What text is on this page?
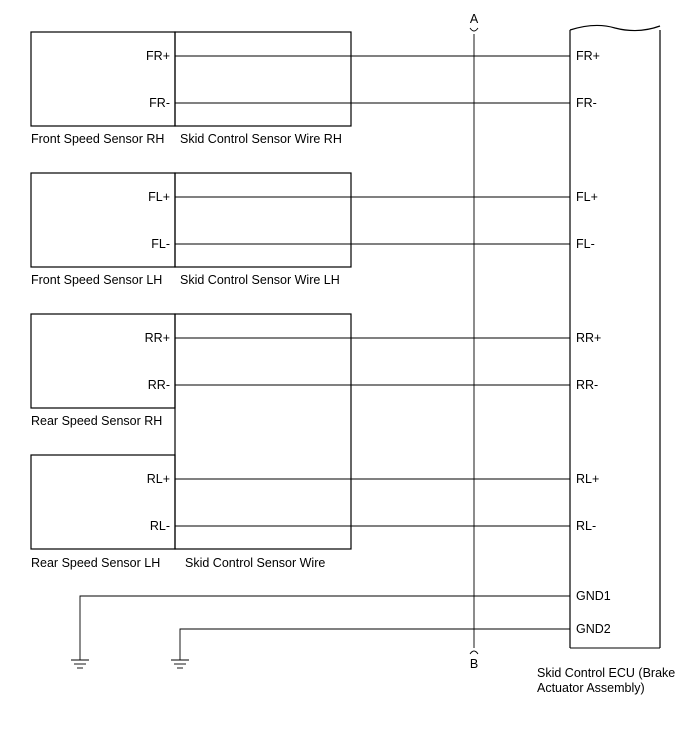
A
B
FR+
FR-
FL+
FL-
RR+
RR-
RL+
RL-
FR+
FR-
FL+
FL-
RR+
RR-
RL+
RL-
GND1
GND2
Front Speed Sensor RH Skid Control Sensor Wire RH
Front Speed Sensor LH Skid Control Sensor Wire LH
Rear Speed Sensor RH
Rear Speed Sensor LH Skid Control Sensor Wire
Skid Control ECU (Brake
Actuator Assembly)
